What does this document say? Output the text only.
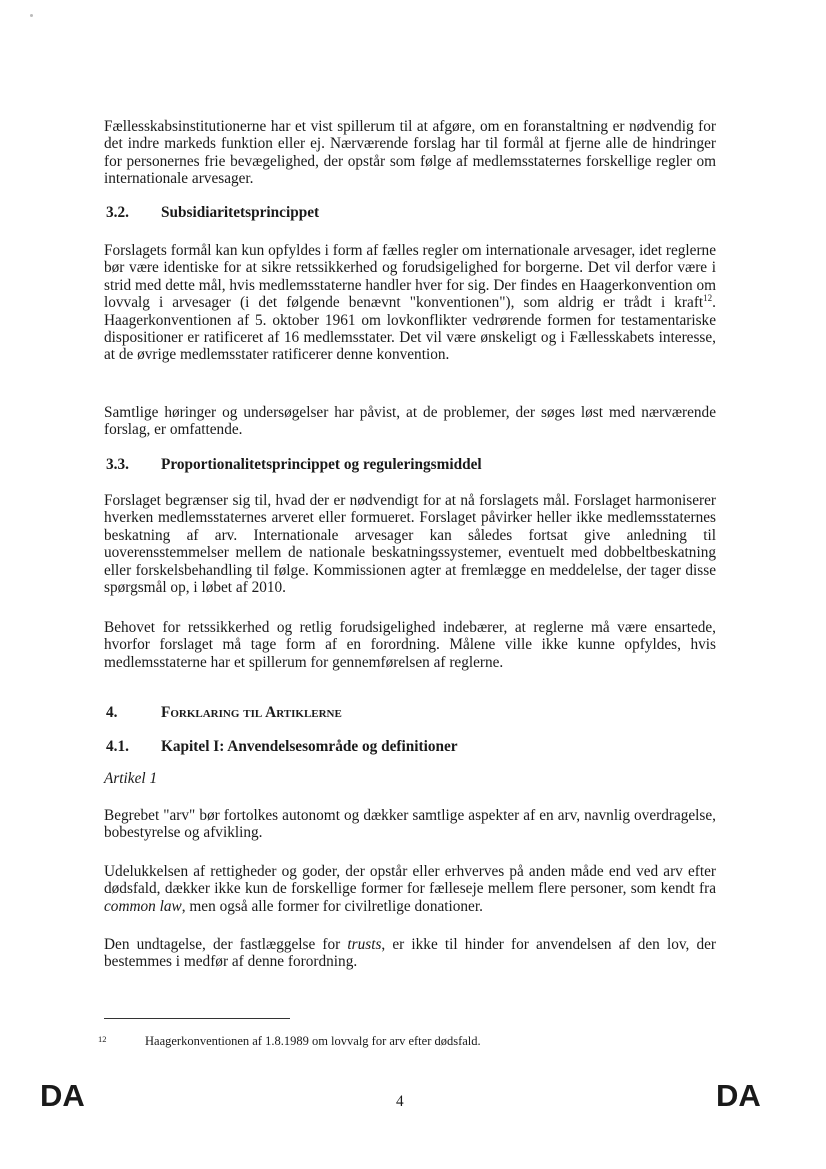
Fællesskabsinstitutionerne har et vist spillerum til at afgøre, om en foranstaltning er nødvendig for det indre markeds funktion eller ej. Nærværende forslag har til formål at fjerne alle de hindringer for personernes frie bevægelighed, der opstår som følge af medlemsstaternes forskellige regler om internationale arvesager.

3.2. Subsidiaritetsprincippet

Forslagets formål kan kun opfyldes i form af fælles regler om internationale arvesager, idet reglerne bør være identiske for at sikre retssikkerhed og forudsigelighed for borgerne. Det vil derfor være i strid med dette mål, hvis medlemsstaterne handler hver for sig. Der findes en Haagerkonvention om lovvalg i arvesager (i det følgende benævnt "konventionen"), som aldrig er trådt i kraft$^{12}$. Haagerkonventionen af 5. oktober 1961 om lovkonflikter vedrørende formen for testamentariske dispositioner er ratificeret af 16 medlemsstater. Det vil være ønskeligt og i Fællesskabets interesse, at de øvrige medlemsstater ratificerer denne konvention.

Samtlige høringer og undersøgelser har påvist, at de problemer, der søges løst med nærværende forslag, er omfattende.

3.3. Proportionalitetsprincippet og reguleringsmiddel

Forslaget begrænser sig til, hvad der er nødvendigt for at nå forslagets mål. Forslaget harmoniserer hverken medlemsstaternes arveret eller formueret. Forslaget påvirker heller ikke medlemsstaternes beskatning af arv. Internationale arvesager kan således fortsat give anledning til uoverensstemmelser mellem de nationale beskatningssystemer, eventuelt med dobbeltbeskatning eller forskelsbehandling til følge. Kommissionen agter at fremlægge en meddelelse, der tager disse spørgsmål op, i løbet af 2010.

Behovet for retssikkerhed og retlig forudsigelighed indebærer, at reglerne må være ensartede, hvorfor forslaget må tage form af en forordning. Målene ville ikke kunne opfyldes, hvis medlemsstaterne har et spillerum for gennemførelsen af reglerne.

4.	Forklaring til Artiklerne
4.1. Kapitel I: Anvendelsesområde og definitioner
Artikel 1

Begrebet "arv" bør fortolkes autonomt og dækker samtlige aspekter af en arv, navnlig overdragelse, bobestyrelse og afvikling.

Udelukkelsen af rettigheder og goder, der opstår eller erhverves på anden måde end ved arv efter dødsfald, dækker ikke kun de forskellige former for fælleseje mellem flere personer, som kendt fra common law, men også alle former for civilretlige donationer.

Den undtagelse, der fastlæggelse for trusts, er ikke til hinder for anvendelsen af den lov, der bestemmes i medfør af denne forordning.

12	Haagerkonventionen af 1.8.1989 om lovvalg for arv efter dødsfald.
DA	4	DA
